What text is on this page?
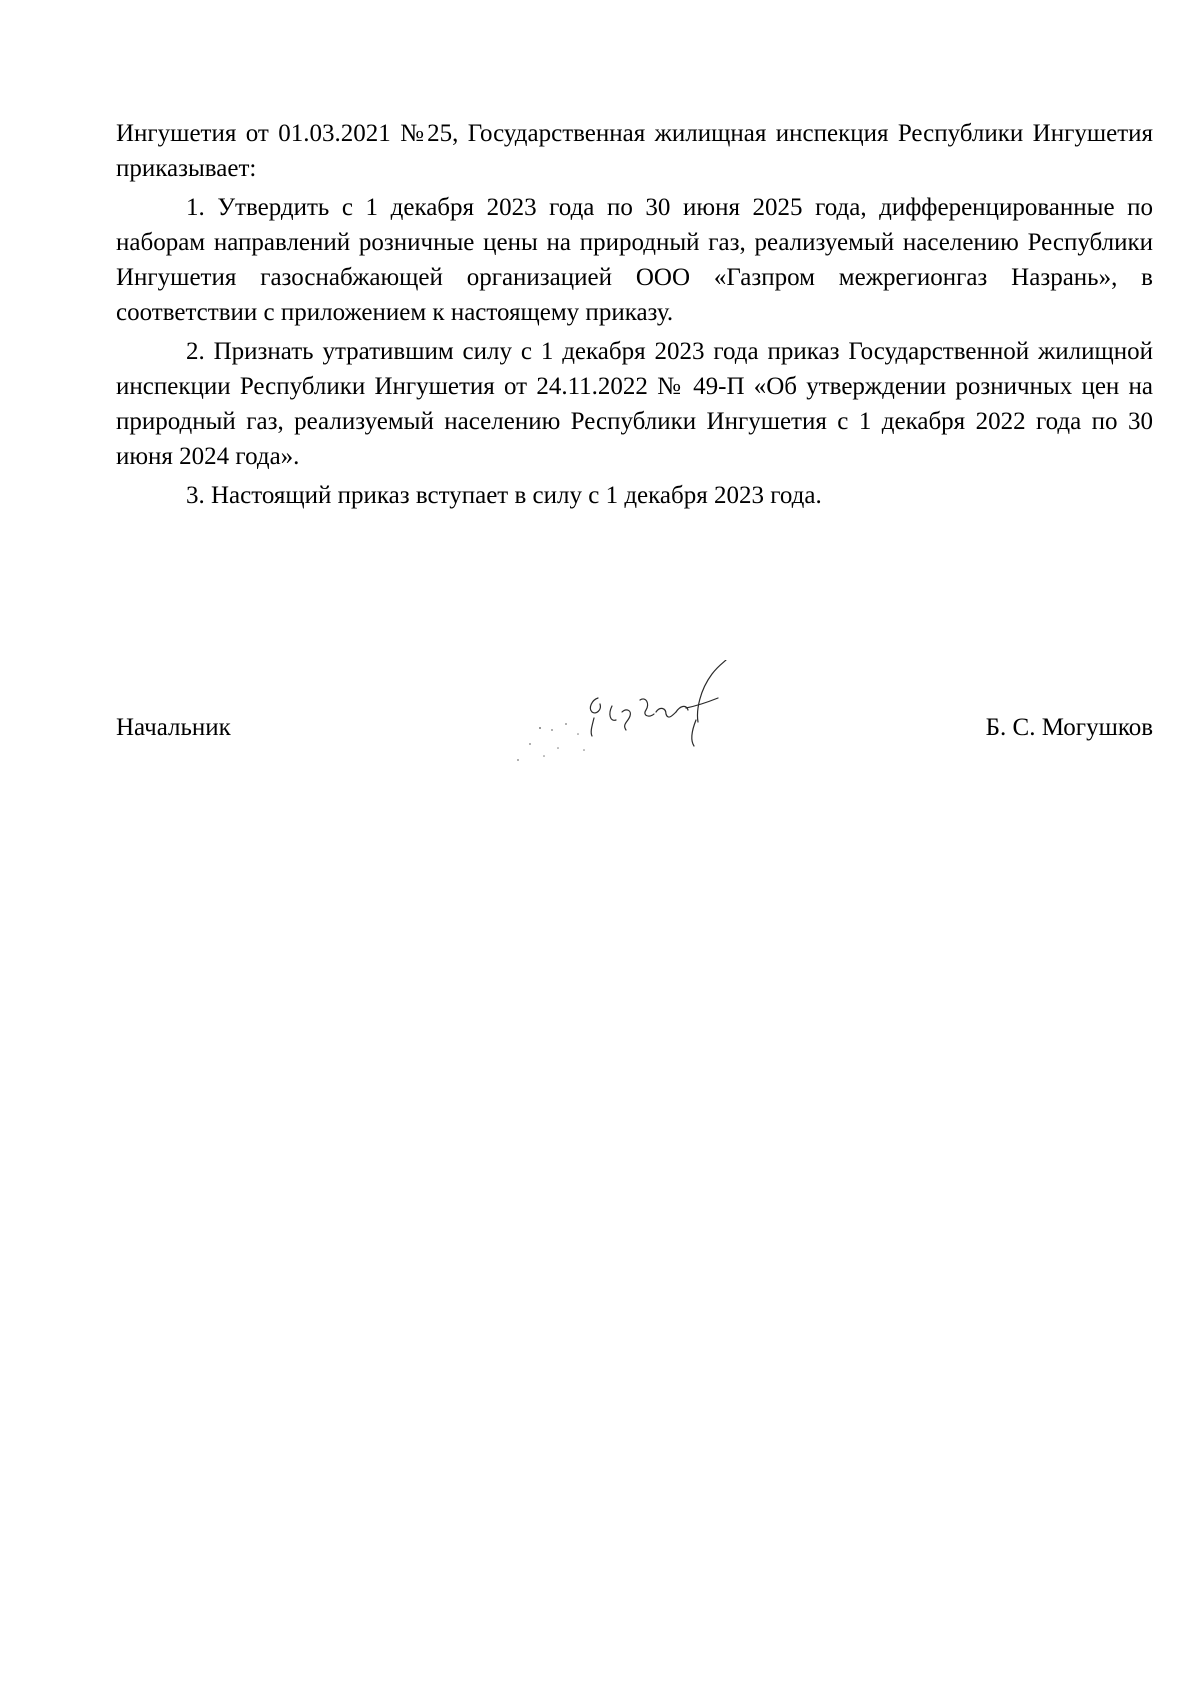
Ингушетия от 01.03.2021 №25, Государственная жилищная инспекция Республики Ингушетия приказывает:

1. Утвердить с 1 декабря 2023 года по 30 июня 2025 года, дифференцированные по наборам направлений розничные цены на природный газ, реализуемый населению Республики Ингушетия газоснабжающей организацией ООО «Газпром межрегионгаз Назрань», в соответствии с приложением к настоящему приказу.

2. Признать утратившим силу с 1 декабря 2023 года приказ Государственной жилищной инспекции Республики Ингушетия от 24.11.2022 № 49-П «Об утверждении розничных цен на природный газ, реализуемый населению Республики Ингушетия с 1 декабря 2022 года по 30 июня 2024 года».

3. Настоящий приказ вступает в силу с 1 декабря 2023 года.

Начальник	Б. С. Могушков
